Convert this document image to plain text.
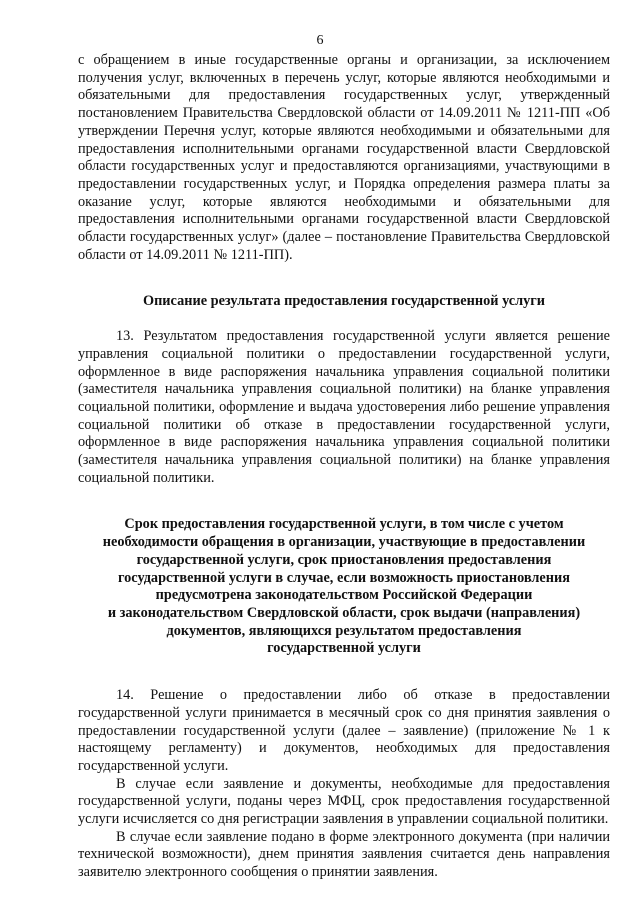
6

с обращением в иные государственные органы и организации, за исключением получения услуг, включенных в перечень услуг, которые являются необходимыми и обязательными для предоставления государственных услуг, утвержденный постановлением Правительства Свердловской области от 14.09.2011 № 1211-ПП «Об утверждении Перечня услуг, которые являются необходимыми и обязательными для предоставления исполнительными органами государственной власти Свердловской области государственных услуг и предоставляются организациями, участвующими в предоставлении государственных услуг, и Порядка определения размера платы за оказание услуг, которые являются необходимыми и обязательными для предоставления исполнительными органами государственной власти Свердловской области государственных услуг» (далее – постановление Правительства Свердловской области от 14.09.2011 № 1211-ПП).

Описание результата предоставления государственной услуги

13. Результатом предоставления государственной услуги является решение управления социальной политики о предоставлении государственной услуги, оформленное в виде распоряжения начальника управления социальной политики (заместителя начальника управления социальной политики) на бланке управления социальной политики, оформление и выдача удостоверения либо решение управления социальной политики об отказе в предоставлении государственной услуги, оформленное в виде распоряжения начальника управления социальной политики (заместителя начальника управления социальной политики) на бланке управления социальной политики.

Срок предоставления государственной услуги, в том числе с учетом
необходимости обращения в организации, участвующие в предоставлении
государственной услуги, срок приостановления предоставления
государственной услуги в случае, если возможность приостановления
предусмотрена законодательством Российской Федерации
и законодательством Свердловской области, срок выдачи (направления)
документов, являющихся результатом предоставления
государственной услуги

14. Решение о предоставлении либо об отказе в предоставлении государственной услуги принимается в месячный срок со дня принятия заявления о предоставлении государственной услуги (далее – заявление) (приложение № 1 к настоящему регламенту) и документов, необходимых для предоставления государственной услуги.

В случае если заявление и документы, необходимые для предоставления государственной услуги, поданы через МФЦ, срок предоставления государственной услуги исчисляется со дня регистрации заявления в управлении социальной политики.

В случае если заявление подано в форме электронного документа (при наличии технической возможности), днем принятия заявления считается день направления заявителю электронного сообщения о принятии заявления.
